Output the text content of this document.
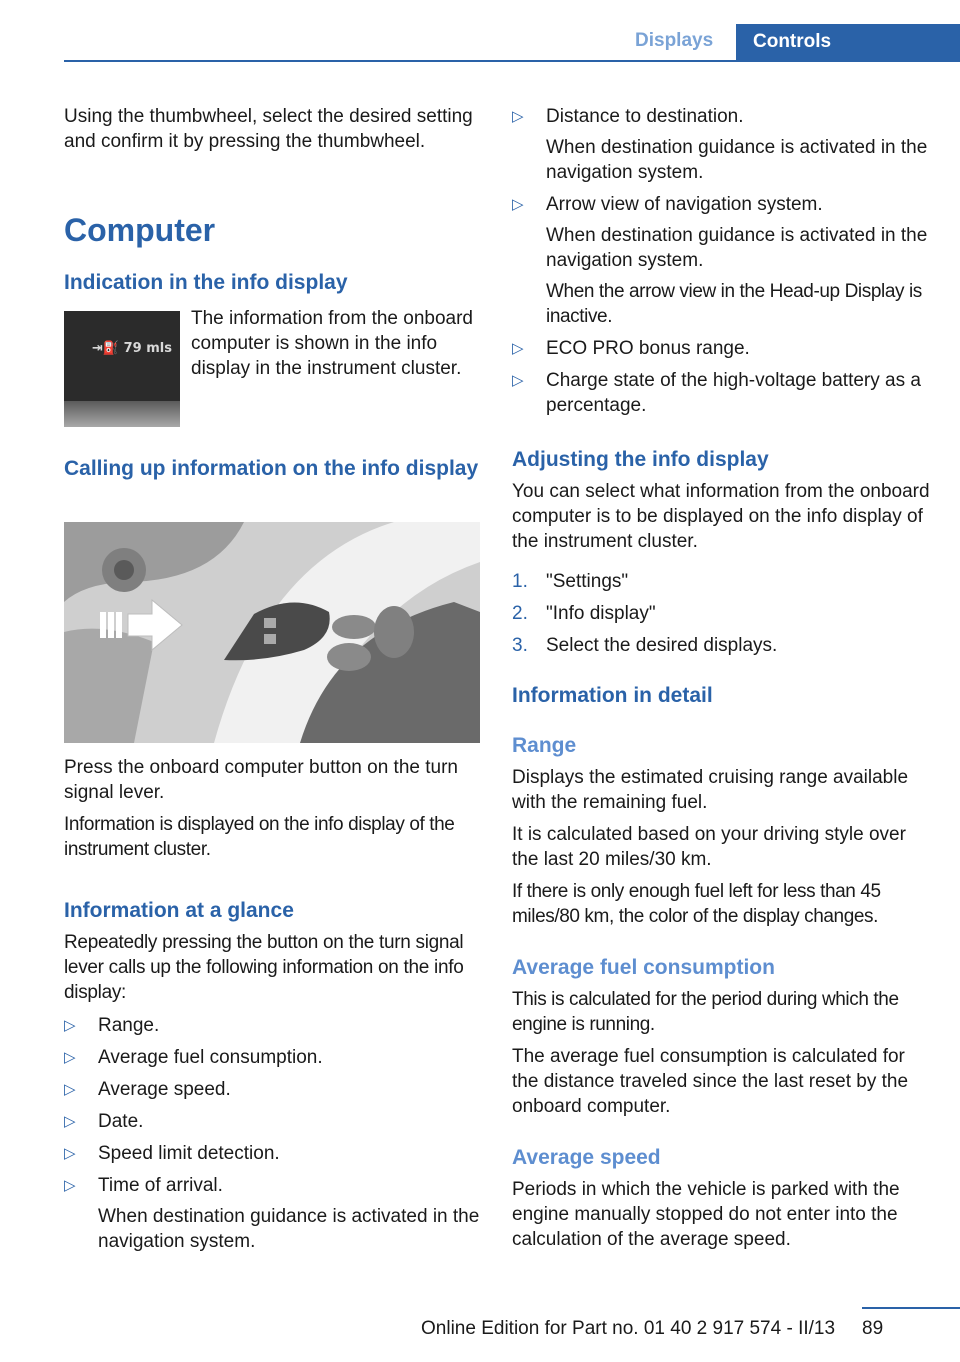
Displays	Controls

Using the thumbwheel, select the desired setting and confirm it by pressing the thumbwheel.

Computer
Indication in the info display
⇥⛽ 79 mls

The information from the onboard computer is shown in the info display in the instrument cluster.

Calling up information on the info display

Press the onboard computer button on the turn signal lever.

Information is displayed on the info display of the instrument cluster.

Information at a glance

Repeatedly pressing the button on the turn signal lever calls up the following information on the info display:

▷ Range.
▷ Average fuel consumption.
▷ Average speed.
▷ Date.
▷ Speed limit detection.
▷ Time of arrival.
When destination guidance is activated in the navigation system.
▷ Distance to destination.
When destination guidance is activated in the navigation system.
▷ Arrow view of navigation system.
When destination guidance is activated in the navigation system.
When the arrow view in the Head-up Display is inactive.
▷ ECO PRO bonus range.
▷ Charge state of the high-voltage battery as a percentage.
Adjusting the info display

You can select what information from the onboard computer is to be displayed on the info display of the instrument cluster.

1. "Settings"
2. "Info display"
3. Select the desired displays.
Information in detail
Range

Displays the estimated cruising range available with the remaining fuel.

It is calculated based on your driving style over the last 20 miles/30 km.

If there is only enough fuel left for less than 45 miles/80 km, the color of the display changes.

Average fuel consumption

This is calculated for the period during which the engine is running.

The average fuel consumption is calculated for the distance traveled since the last reset by the onboard computer.

Average speed

Periods in which the vehicle is parked with the engine manually stopped do not enter into the calculation of the average speed.

Online Edition for Part no. 01 40 2 917 574 - II/13 89
